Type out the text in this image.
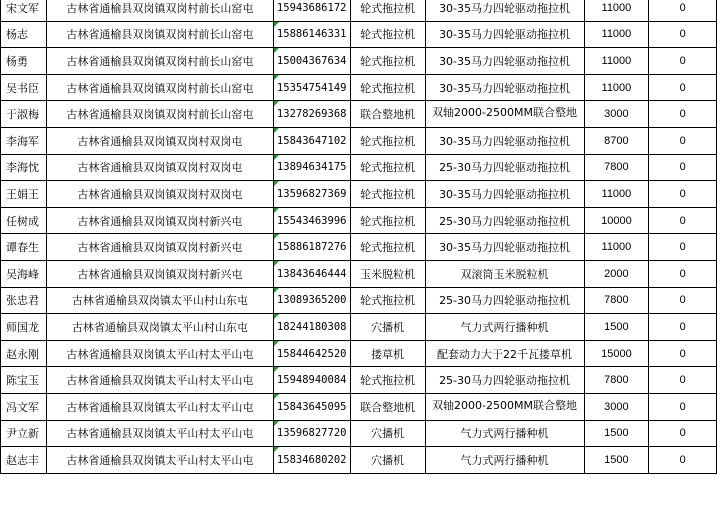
宋文军	古林省通榆县双岗镇双岗村前长山窑屯	15943686172	轮式拖拉机	30-35马力四轮驱动拖拉机	11000	0
杨志	古林省通榆县双岗镇双岗村前长山窑屯	15886146331	轮式拖拉机	30-35马力四轮驱动拖拉机	11000	0
杨勇	古林省通榆县双岗镇双岗村前长山窑屯	15004367634	轮式拖拉机	30-35马力四轮驱动拖拉机	11000	0
吴书臣	古林省通榆县双岗镇双岗村前长山窑屯	15354754149	轮式拖拉机	30-35马力四轮驱动拖拉机	11000	0
于淑梅	古林省通榆县双岗镇双岗村前长山窑屯	13278269368	联合整地机	双轴2000-2500MM联合整地	3000	0
李海军	古林省通榆县双岗镇双岗村双岗屯	15843647102	轮式拖拉机	30-35马力四轮驱动拖拉机	8700	0
李海忱	古林省通榆县双岗镇双岗村双岗屯	13894634175	轮式拖拉机	25-30马力四轮驱动拖拉机	7800	0
王娟王	古林省通榆县双岗镇双岗村双岗屯	13596827369	轮式拖拉机	30-35马力四轮驱动拖拉机	11000	0
任树成	古林省通榆县双岗镇双岗村新兴屯	15543463996	轮式拖拉机	25-30马力四轮驱动拖拉机	10000	0
谭春生	古林省通榆县双岗镇双岗村新兴屯	15886187276	轮式拖拉机	30-35马力四轮驱动拖拉机	11000	0
吴海峰	古林省通榆县双岗镇双岗村新兴屯	13843646444	玉米脱粒机	双滚筒玉米脱粒机	2000	0
张忠君	古林省通榆县双岗镇太平山村山东屯	13089365200	轮式拖拉机	25-30马力四轮驱动拖拉机	7800	0
师国龙	古林省通榆县双岗镇太平山村山东屯	18244180308	穴播机	气力式两行播种机	1500	0
赵永刚	古林省通榆县双岗镇太平山村太平山屯	15844642520	搂草机	配套动力大于22千瓦搂草机	15000	0
陈宝玉	古林省通榆县双岗镇太平山村太平山屯	15948940084	轮式拖拉机	25-30马力四轮驱动拖拉机	7800	0
冯文军	古林省通榆县双岗镇太平山村太平山屯	15843645095	联合整地机	双轴2000-2500MM联合整地	3000	0
尹立新	古林省通榆县双岗镇太平山村太平山屯	13596827720	穴播机	气力式两行播种机	1500	0
赵志丰	古林省通榆县双岗镇太平山村太平山屯	15834680202	穴播机	气力式两行播种机	1500	0
